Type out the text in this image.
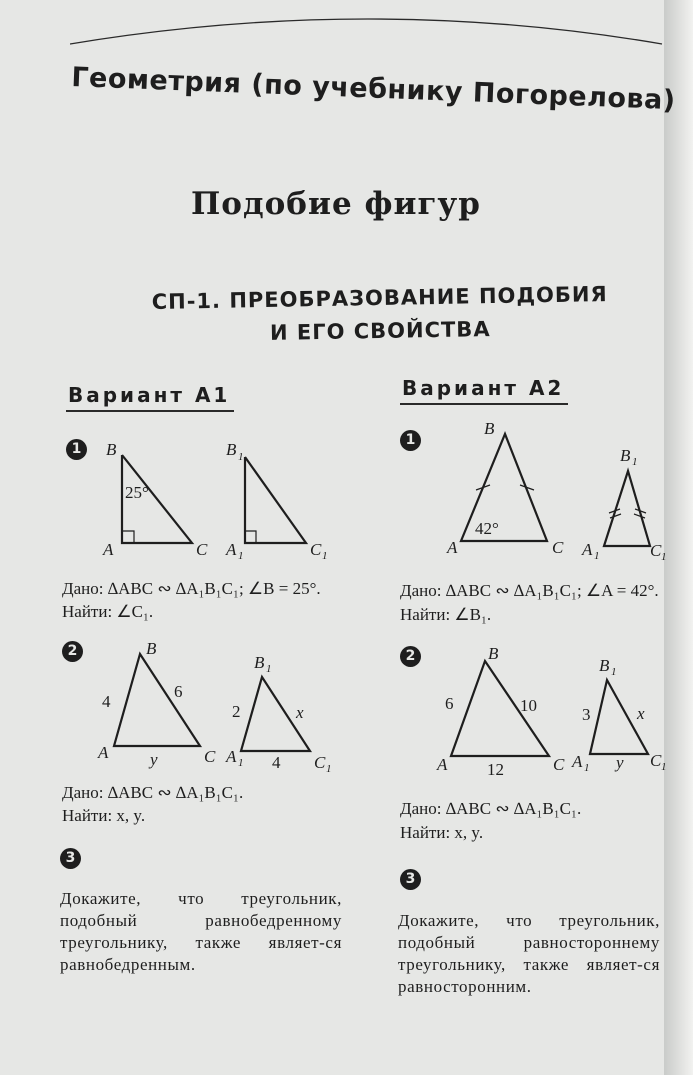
Геометрия (по учебнику Погорелова)
Подобие фигур
СП-1. ПРЕОБРАЗОВАНИЕ ПОДОБИЯ
И ЕГО СВОЙСТВА
Вариант А1
1
2
3
Дано: ∆ABC ∾ ∆A₁B₁C₁; ∠B = 25°.
Найти: ∠C₁.
Дано: ∆ABC ∾ ∆A₁B₁C₁.
Найти: x, y.
Докажите, что треугольник, подобный равнобедренному треугольнику, также являет-ся равнобедренным.
Вариант А2
1
2
3
Дано: ∆ABC ∾ ∆A₁B₁C₁; ∠A = 42°.
Найти: ∠B₁.
Дано: ∆ABC ∾ ∆A₁B₁C₁.
Найти: x, y.
Докажите, что треугольник, подобный равностороннему треугольнику, также являет-ся равносторонним.
B
A	C
25°
B 1
A 1	C 1
B
A	C
4
6
y
B 1
A 1	C 1
2	x
4
B
A	C
42°
B 1
A 1	C 1
B
A	C
6	10
12
B 1
A 1	C 1
3	x
y
